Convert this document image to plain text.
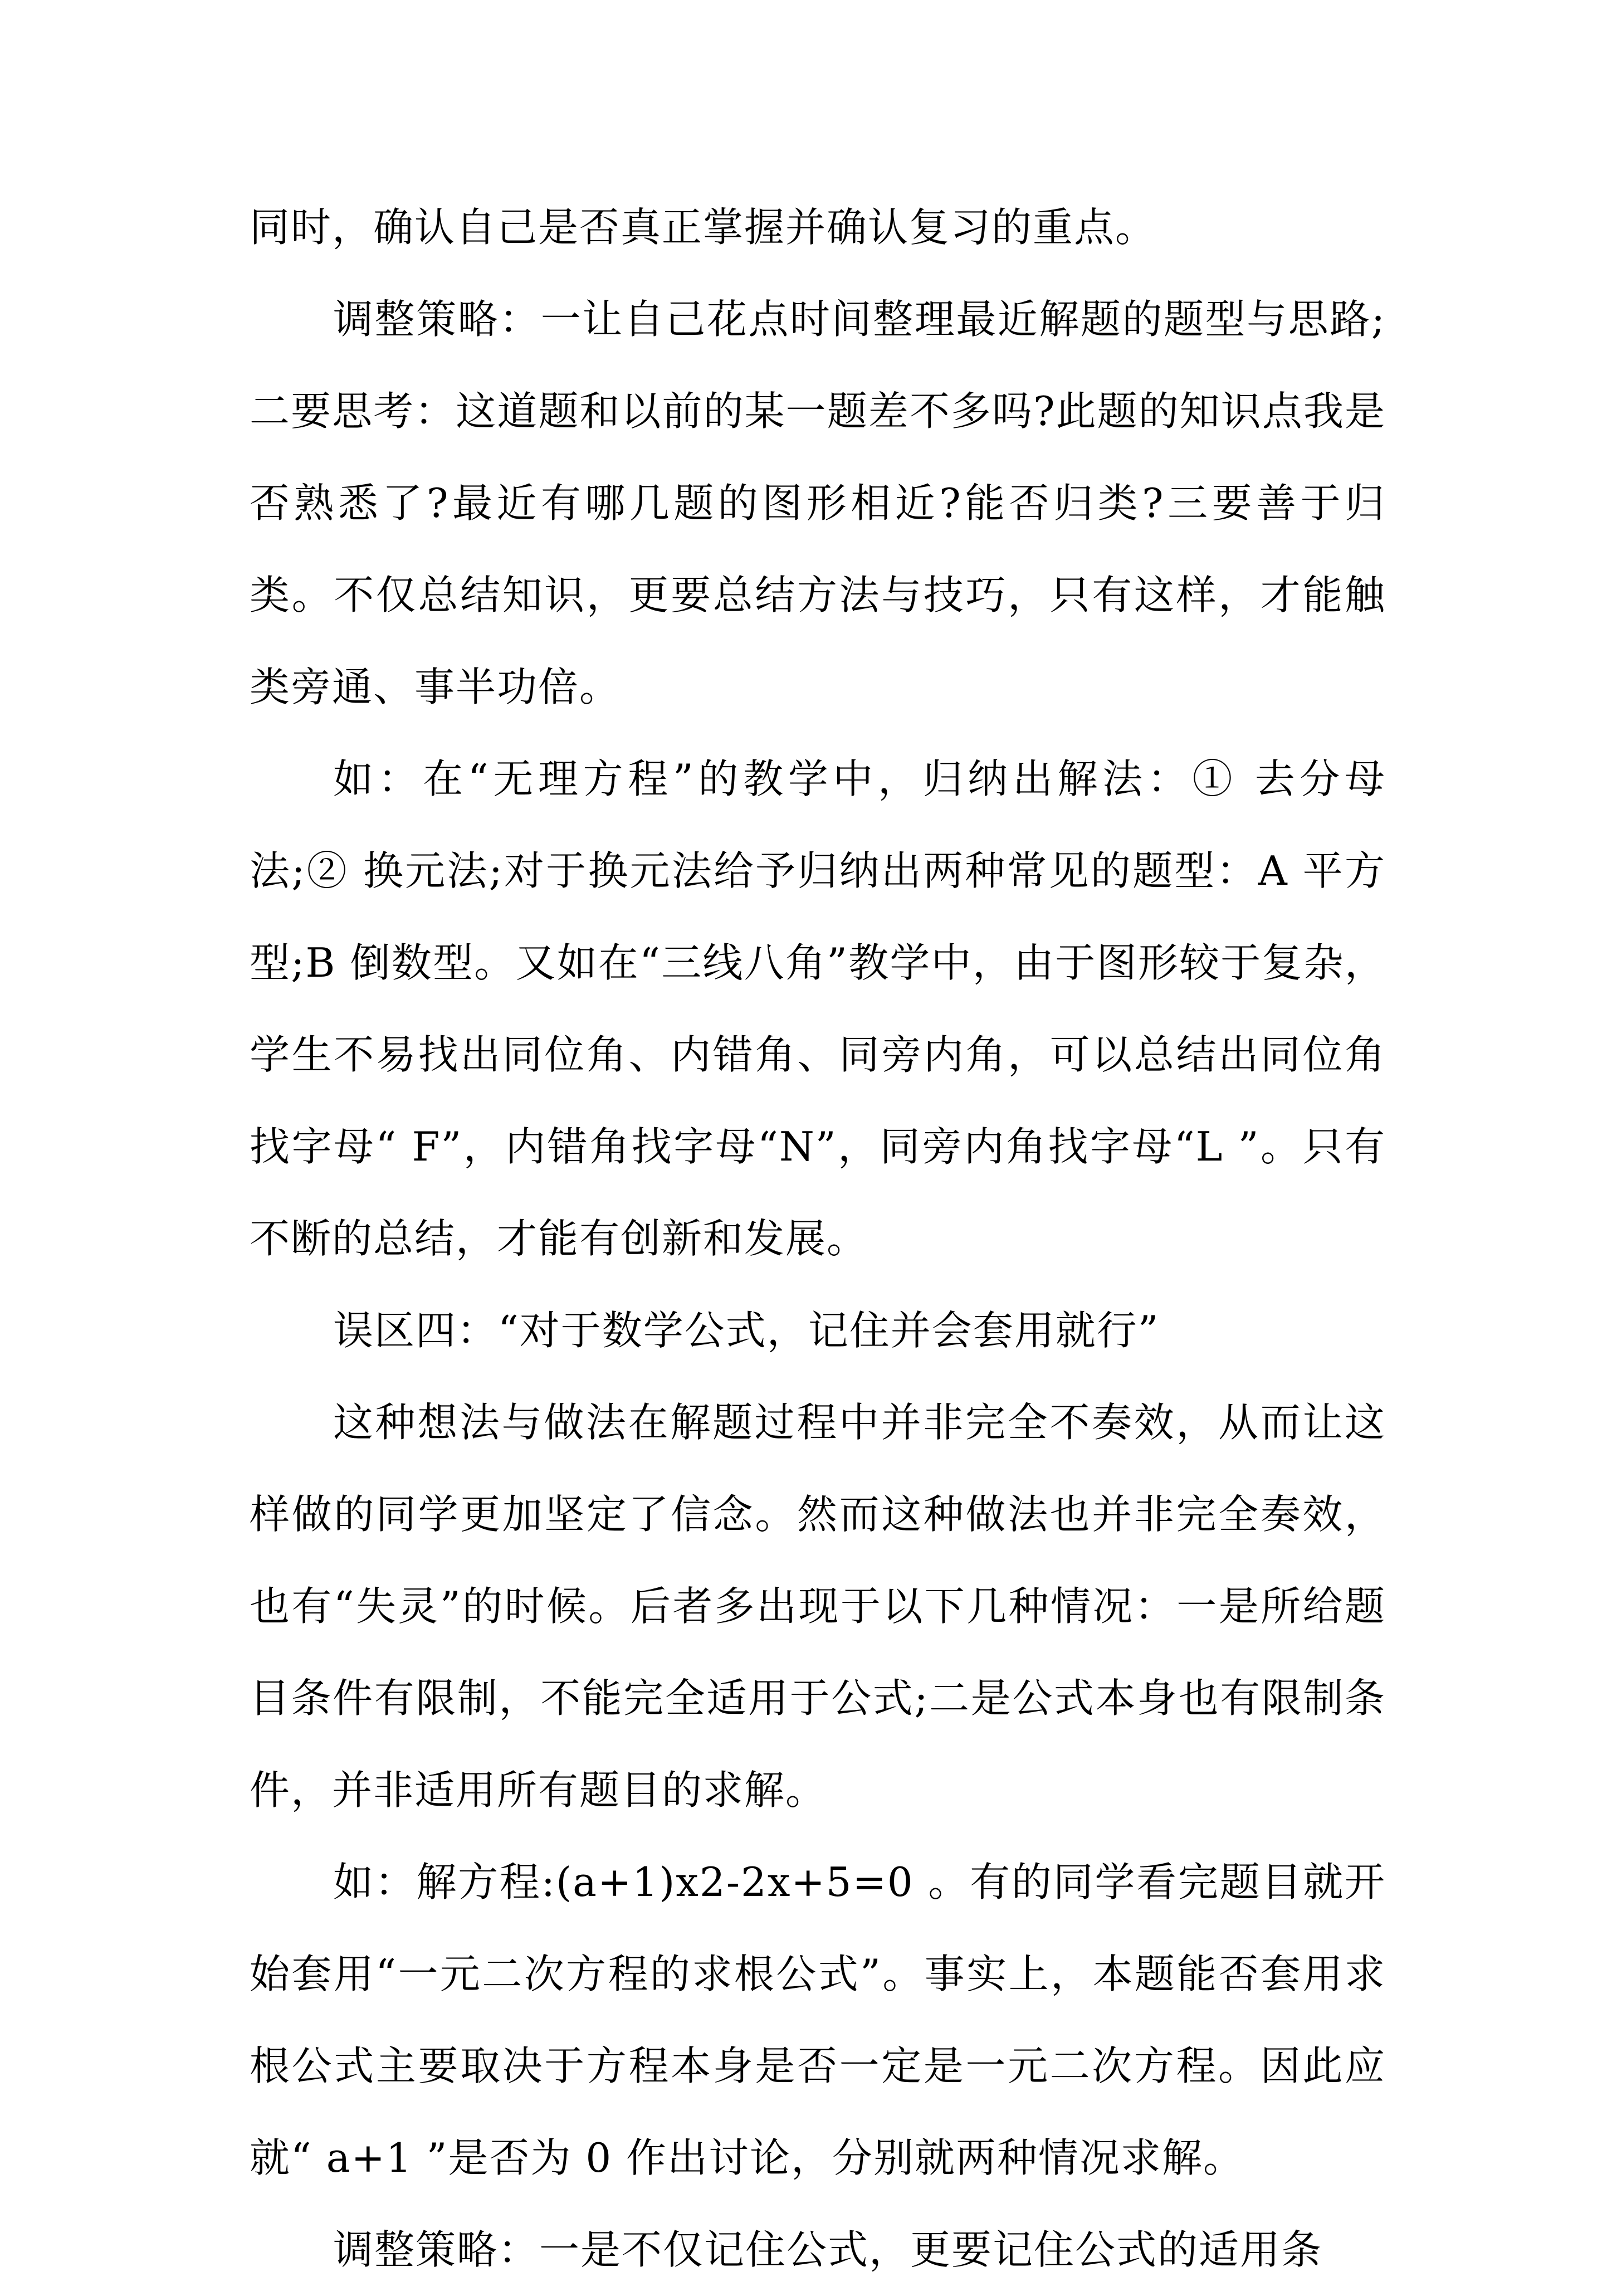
同时，确认自己是否真正掌握并确认复习的重点。

调整策略：一让自己花点时间整理最近解题的题型与思路;二要思考：这道题和以前的某一题差不多吗?此题的知识点我是否熟悉了?最近有哪几题的图形相近?能否归类?三要善于归类。不仅总结知识，更要总结方法与技巧，只有这样，才能触类旁通、事半功倍。

如：在“无理方程”的教学中，归纳出解法：① 去分母法;② 换元法;对于换元法给予归纳出两种常见的题型：A 平方型;B 倒数型。又如在“三线八角”教学中，由于图形较于复杂，学生不易找出同位角、内错角、同旁内角，可以总结出同位角找字母“ F”，内错角找字母“N”，同旁内角找字母“L ”。只有不断的总结，才能有创新和发展。

误区四：“对于数学公式，记住并会套用就行”

这种想法与做法在解题过程中并非完全不奏效，从而让这样做的同学更加坚定了信念。然而这种做法也并非完全奏效，也有“失灵”的时候。后者多出现于以下几种情况：一是所给题目条件有限制，不能完全适用于公式;二是公式本身也有限制条件，并非适用所有题目的求解。

如：解方程:(a+1)x2-2x+5=0 。有的同学看完题目就开始套用“一元二次方程的求根公式”。事实上，本题能否套用求根公式主要取决于方程本身是否一定是一元二次方程。因此应就“ a+1 ”是否为 0 作出讨论，分别就两种情况求解。

调整策略：一是不仅记住公式，更要记住公式的适用条
